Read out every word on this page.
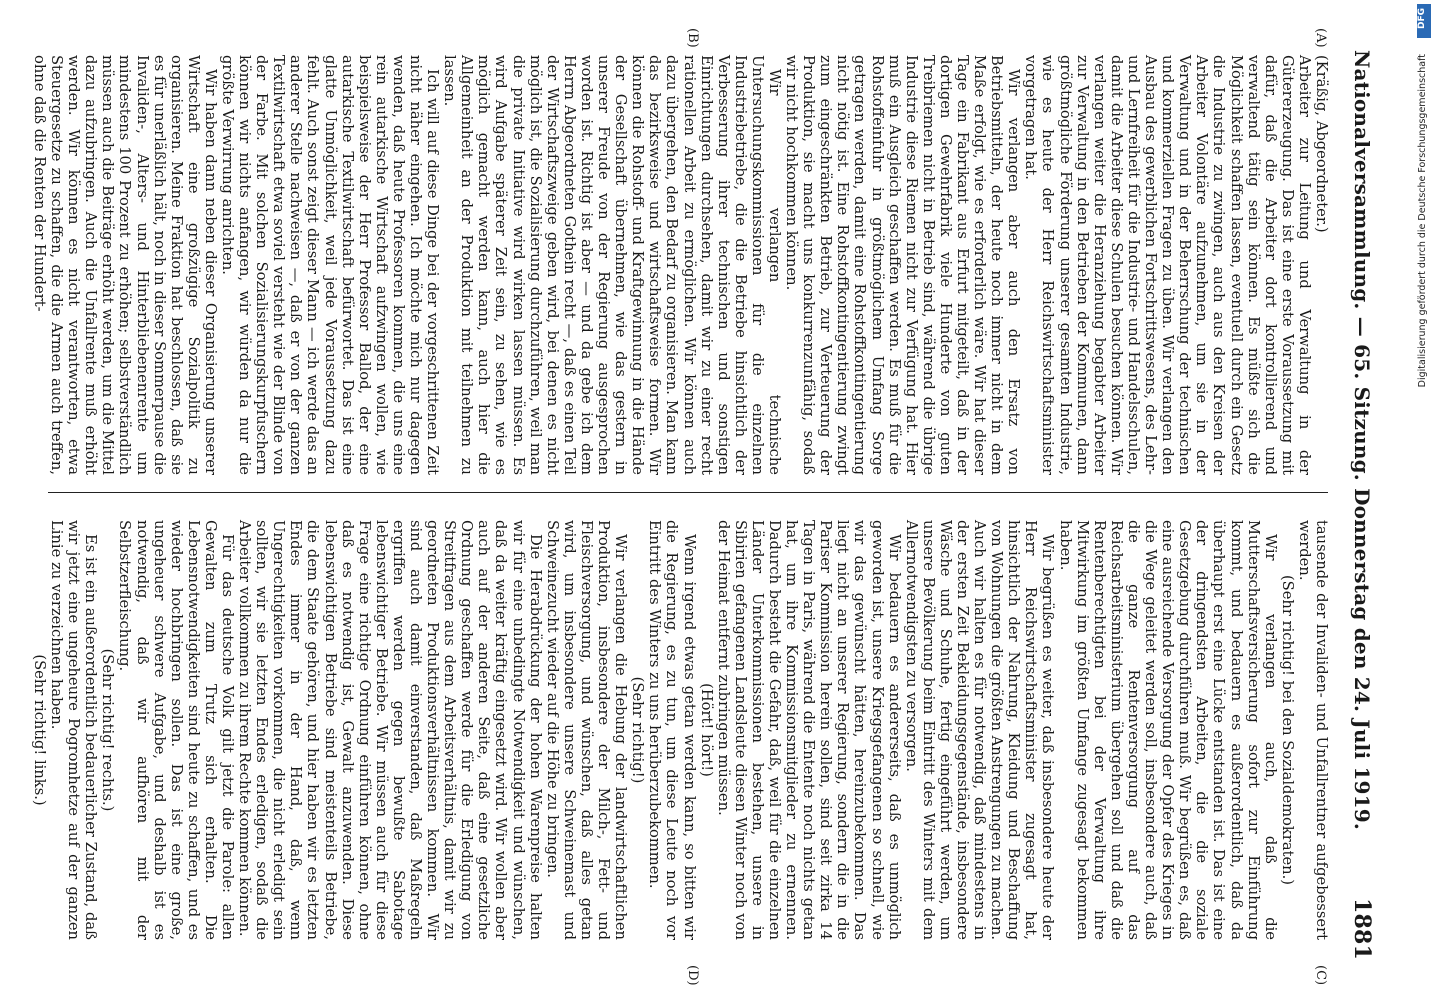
Nationalversammlung. — 65. Sitzung. Donnerstag den 24. Juli 1919.
1881
(A)
(B)
(C)
(D)

(Kräßig, Abgeordneter.)

Arbeiter zur Leitung und Verwaltung in der Gütererzeugung. Das ist eine erste Voraussetzung mit dafür, daß die Arbeiter dort kontrollierend und verwaltend tätig sein können. Es müßte sich die Möglichkeit schaffen lassen, eventuell durch ein Gesetz die Industrie zu zwingen, auch aus den Kreisen der Arbeiter Volontäre aufzunehmen, um sie in der Verwaltung und in der Beherrschung der technischen und kommerziellen Fragen zu üben. Wir verlangen den Ausbau des gewerblichen Fortschrittswesens, des Lehr- und Lernfreiheit für die Industrie- und Handelsschulen, damit die Arbeiter diese Schulen besuchen können. Wir verlangen weiter die Heranziehung begabter Arbeiter zur Verwaltung in den Betrieben der Kommunen, dann größtmögliche Förderung unserer gesamten Industrie, wie es heute der Herr Reichswirtschaftsminister vorgetragen hat.

Wir verlangen aber auch den Ersatz von Betriebsmitteln, der heute noch immer nicht in dem Maße erfolgt, wie es erforderlich wäre. Wir hat dieser Tage ein Fabrikant aus Erfurt mitgeteilt, daß in der dortigen Gewehrfabrik viele Hunderte von guten Treibriemen nicht in Betrieb sind, während die übrige Industrie diese Riemen nicht zur Verfügung hat. Hier muß ein Ausgleich geschaffen werden. Es muß für die Rohstoffeinfuhr in größtmöglichem Umfang Sorge getragen werden, damit eine Rohstoffkontingentierung nicht nötig ist. Eine Rohstoffkontingentierung zwingt zum eingeschränkten Betrieb, zur Verteuerung der Produktion, sie macht uns konkurrenzunfähig, sodaß wir nicht hochkommen können.

Wir verlangen technische Untersuchungskommissionen für die einzelnen Industriebetriebe, die die Betriebe hinsichtlich der Verbesserung ihrer technischen und sonstigen Einrichtungen durchsehen, damit wir zu einer recht rationellen Arbeit zu ermöglichen. Wir können auch dazu übergehen, den Bedarf zu organisieren. Man kann das bezirksweise und wirtschaftsweise formen. Wir können die Rohstoff- und Kraftgewinnung in die Hände der Gesellschaft übernehmen, wie das gestern in unserer Freude von der Regierung ausgesprochen worden ist. Richtig ist aber — und da gebe ich dem Herrn Abgeordneten Gothein recht —, daß es einen Teil der Wirtschaftszweige geben wird, bei denen es nicht möglich ist, die Sozialisierung durchzuführen, weil man die private Initiative wird wirken lassen müssen. Es wird Aufgabe späterer Zeit sein, zu sehen, wie es möglich gemacht werden kann, auch hier die Allgemeinheit an der Produktion mit teilnehmen zu lassen.

Ich will auf diese Dinge bei der vorgeschrittenen Zeit nicht näher eingehen. Ich möchte mich nur dagegen wenden, daß heute Professoren kommen, die uns eine rein autarkische Wirtschaft aufzwingen wollen, wie beispielsweise der Herr Professor Ballod, der eine autarkische Textilwirtschaft befürwortet. Das ist eine glatte Unmöglichkeit, weil jede Voraussetzung dazu fehlt. Auch sonst zeigt dieser Mann — ich werde das an anderer Stelle nachweisen —, daß er von der ganzen Textilwirtschaft etwa soviel versteht wie der Blinde von der Farbe. Mit solchen Sozialisierungskurpfuschern können wir nichts anfangen, wir würden da nur die größte Verwirrung anrichten.

Wir haben dann neben dieser Organisierung unserer Wirtschaft eine großzügige Sozialpolitik zu organisieren. Meine Fraktion hat beschlossen, daß sie es für unerläßlich hält, noch in dieser Sommerpause die Invaliden-, Alters- und Hinterbliebenenrente um mindestens 100 Prozent zu erhöhen; selbstverständlich müssen auch die Beiträge erhöht werden, um die Mittel dazu aufzubringen. Auch die Unfallrente muß erhöht werden. Wir können es nicht verantworten, etwa Steuergesetze zu schaffen, die die Armen auch treffen, ohne daß die Renten der Hundert-

tausende der Invaliden- und Unfallrentner aufgebessert werden.

(Sehr richtig! bei den Sozialdemokraten.)

Wir verlangen auch, daß die Mutterschaftsversicherung sofort zur Einführung kommt, und bedauern es außerordentlich, daß da überhaupt erst eine Lücke entstanden ist. Das ist eine der dringendsten Arbeiten, die die soziale Gesetzgebung durchführen muß. Wir begrüßen es, daß eine ausreichende Versorgung der Opfer des Krieges in die Wege geleitet werden soll, insbesondere auch, daß die ganze Rentenversorgung auf das Reichsarbeitsministerium übergehen soll und daß die Rentenberechtigten bei der Verwaltung ihre Mitwirkung im größten Umfange zugesagt bekommen haben.

Wir begrüßen es weiter, daß insbesondere heute der Herr Reichswirtschaftsminister zugesagt hat, hinsichtlich der Nahrung, Kleidung und Beschaffung von Wohnungen die größten Anstrengungen zu machen. Auch wir halten es für notwendig, daß mindestens in der ersten Zeit Bekleidungsgegenstände, insbesondere Wäsche und Schuhe, fertig eingeführt werden, um unsere Bevölkerung beim Eintritt des Winters mit dem Allernotwendigsten zu versorgen.

Wir bedauern es andererseits, daß es unmöglich geworden ist, unsere Kriegsgefangenen so schnell, wie wir das gewünscht hätten, hereinzubekommen. Das liegt nicht an unserer Regierung, sondern die in die Pariser Kommission herein sollen, sind seit zirka 14 Tagen in Paris, während die Entente noch nichts getan hat, um ihre Kommissionsmitglieder zu ernennen. Dadurch besteht die Gefahr, daß, weil für die einzelnen Länder Unterkommissionen bestehen, unsere in Sibirien gefangenen Landsleute diesen Winter noch von der Heimat entfernt zubringen müssen.

(Hört! hört!)

Wenn irgend etwas getan werden kann, so bitten wir die Regierung, es zu tun, um diese Leute noch vor Eintritt des Winters zu uns herüberzubekommen.

(Sehr richtig!)

Wir verlangen die Hebung der landwirtschaftlichen Produktion, insbesondere der Milch-, Fett- und Fleischversorgung, und wünschen, daß alles getan wird, um insbesondere unsere Schweinemast und Schweinezucht wieder auf die Höhe zu bringen.

Die Herabdrückung der hohen Warenpreise halten wir für eine unbedingte Notwendigkeit und wünschen, daß da weiter kräftig eingesetzt wird. Wir wollen aber auch auf der anderen Seite, daß eine gesetzliche Ordnung geschaffen werde für die Erledigung von Streitfragen aus dem Arbeitsverhältnis, damit wir zu geordneten Produktionsverhältnissen kommen. Wir sind auch damit einverstanden, daß Maßregeln ergriffen werden gegen bewußte Sabotage lebenswichtiger Betriebe. Wir müssen auch für diese Frage eine richtige Ordnung einführen können, ohne daß es notwendig ist, Gewalt anzuwenden. Diese lebenswichtigen Betriebe sind meistenteils Betriebe, die dem Staate gehören, und hier haben wir es letzten Endes immer in der Hand, daß, wenn Ungerechtigkeiten vorkommen, die nicht erledigt sein sollten, wir sie letzten Endes erledigen, sodaß die Arbeiter vollkommen zu ihrem Rechte kommen können.

Für das deutsche Volk gilt jetzt die Parole: allen Gewalten zum Trutz sich erhalten. Die Lebensnotwendigkeiten sind heute zu schaffen, und es wieder hochbringen sollen. Das ist eine große, ungeheuer schwere Aufgabe, und deshalb ist es notwendig, daß wir aufhören mit der Selbstzerfleischung.

(Sehr richtig! rechts.)

Es ist ein außerordentlich bedauerlicher Zustand, daß wir jetzt eine ungeheure Pogromhetze auf der ganzen Linie zu verzeichnen haben.

(Sehr richtig! links.)

DFG
Digitalisierung gefördert durch die Deutsche Forschungsgemeinschaft
